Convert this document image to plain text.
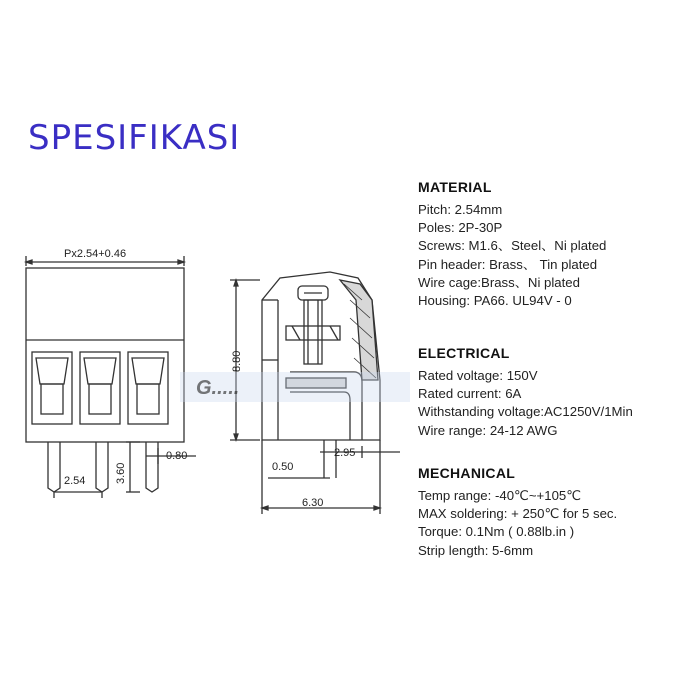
SPESIFIKASI
G.....
Px2.54+0.46
2.54	3.60
0.80
8.80
2.95
0.50
6.30
MATERIAL
Pitch: 2.54mm
Poles: 2P-30P
Screws: M1.6、Steel、Ni plated
Pin header: Brass、 Tin plated
Wire cage:Brass、Ni plated
Housing: PA66. UL94V - 0
ELECTRICAL
Rated voltage: 150V
Rated current: 6A
Withstanding voltage:AC1250V/1Min
Wire range: 24-12 AWG
MECHANICAL
Temp range: -40℃~+105℃
MAX soldering: + 250℃ for 5 sec.
Torque: 0.1Nm ( 0.88lb.in )
Strip length: 5-6mm
